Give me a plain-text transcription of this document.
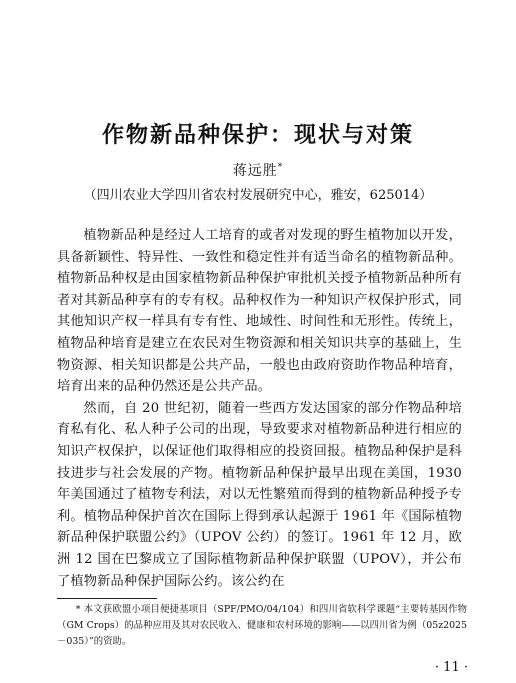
作物新品种保护：现状与对策
蒋远胜*
（四川农业大学四川省农村发展研究中心，雅安，625014）

植物新品种是经过人工培育的或者对发现的野生植物加以开发，具备新颖性、特异性、一致性和稳定性并有适当命名的植物新品种。植物新品种权是由国家植物新品种保护审批机关授予植物新品种所有者对其新品种享有的专有权。品种权作为一种知识产权保护形式，同其他知识产权一样具有专有性、地域性、时间性和无形性。传统上，植物品种培育是建立在农民对生物资源和相关知识共享的基础上，生物资源、相关知识都是公共产品，一般也由政府资助作物品种培育，培育出来的品种仍然还是公共产品。

然而，自 20 世纪初，随着一些西方发达国家的部分作物品种培育私有化、私人种子公司的出现，导致要求对植物新品种进行相应的知识产权保护，以保证他们取得相应的投资回报。植物品种保护是科技进步与社会发展的产物。植物新品种保护最早出现在美国，1930 年美国通过了植物专利法，对以无性繁殖而得到的植物新品种授予专利。植物品种保护首次在国际上得到承认起源于 1961 年《国际植物新品种保护联盟公约》（UPOV 公约）的签订。1961 年 12 月，欧洲 12 国在巴黎成立了国际植物新品种保护联盟（UPOV），并公布了植物新品种保护国际公约。该公约在

* 本文获欧盟小项目便捷基项目（SPF/PMO/04/104）和四川省软科学课题“主要转基因作物（GM Crops）的品种应用及其对农民收入、健康和农村环境的影响——以四川省为例（05z2025－035）”的资助。

· 11 ·
